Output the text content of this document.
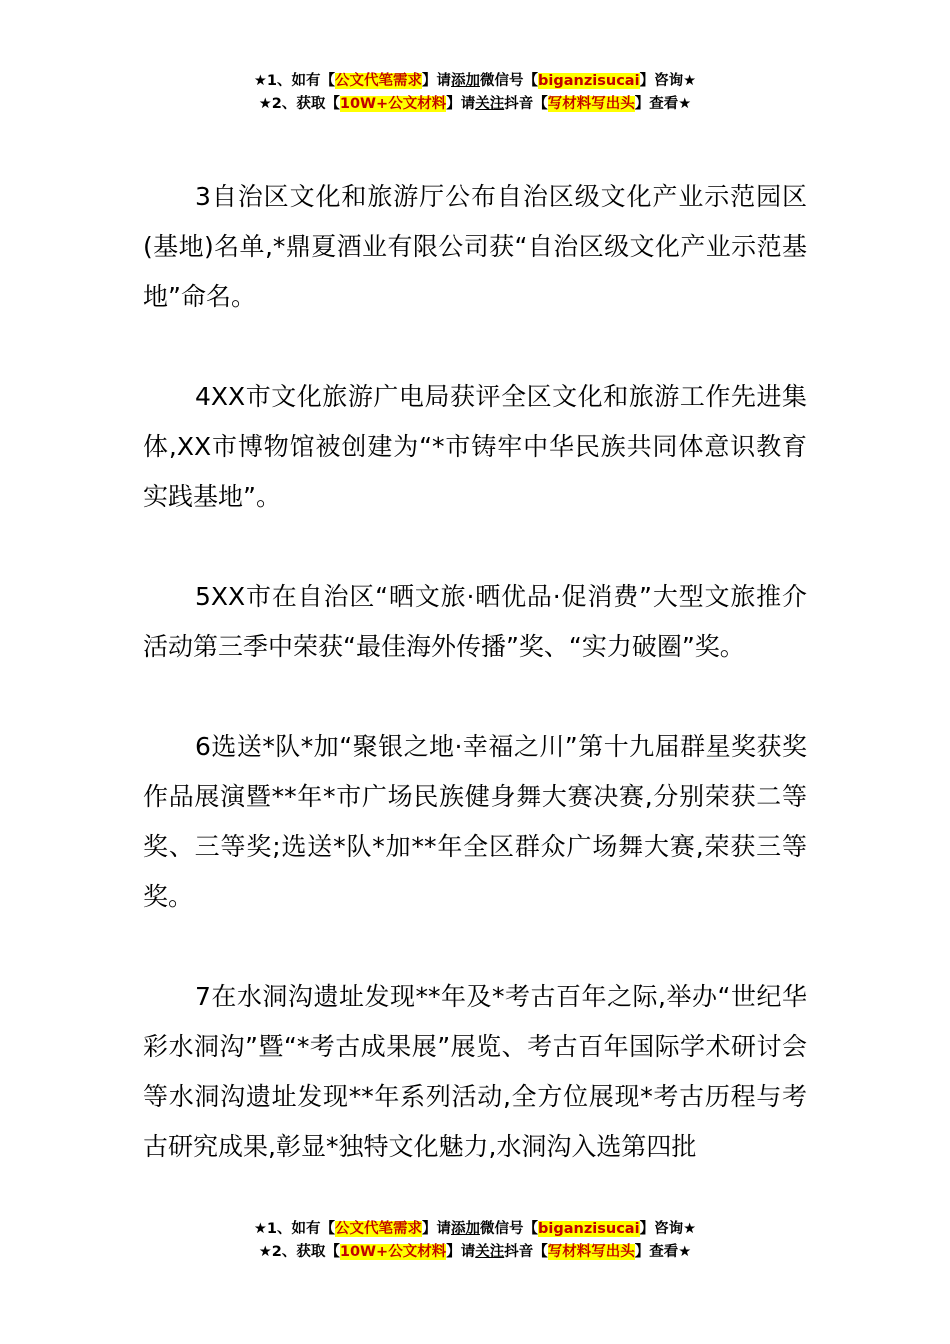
★1、如有【公文代笔需求】请添加微信号【biganzisucai】咨询★
★2、获取【10W+公文材料】请关注抖音【写材料写出头】查看★

3自治区文化和旅游厅公布自治区级文化产业示范园区(基地)名单,*鼎夏酒业有限公司获“自治区级文化产业示范基地”命名。

4XX市文化旅游广电局获评全区文化和旅游工作先进集体,XX市博物馆被创建为“*市铸牢中华民族共同体意识教育实践基地”。

5XX市在自治区“晒文旅·晒优品·促消费”大型文旅推介活动第三季中荣获“最佳海外传播”奖、“实力破圈”奖。

6选送*队*加“聚银之地·幸福之川”第十九届群星奖获奖作品展演暨**年*市广场民族健身舞大赛决赛,分别荣获二等奖、三等奖;选送*队*加**年全区群众广场舞大赛,荣获三等奖。

7在水洞沟遗址发现**年及*考古百年之际,举办“世纪华彩水洞沟”暨“*考古成果展”展览、考古百年国际学术研讨会等水洞沟遗址发现**年系列活动,全方位展现*考古历程与考古研究成果,彰显*独特文化魅力,水洞沟入选第四批

★1、如有【公文代笔需求】请添加微信号【biganzisucai】咨询★
★2、获取【10W+公文材料】请关注抖音【写材料写出头】查看★
